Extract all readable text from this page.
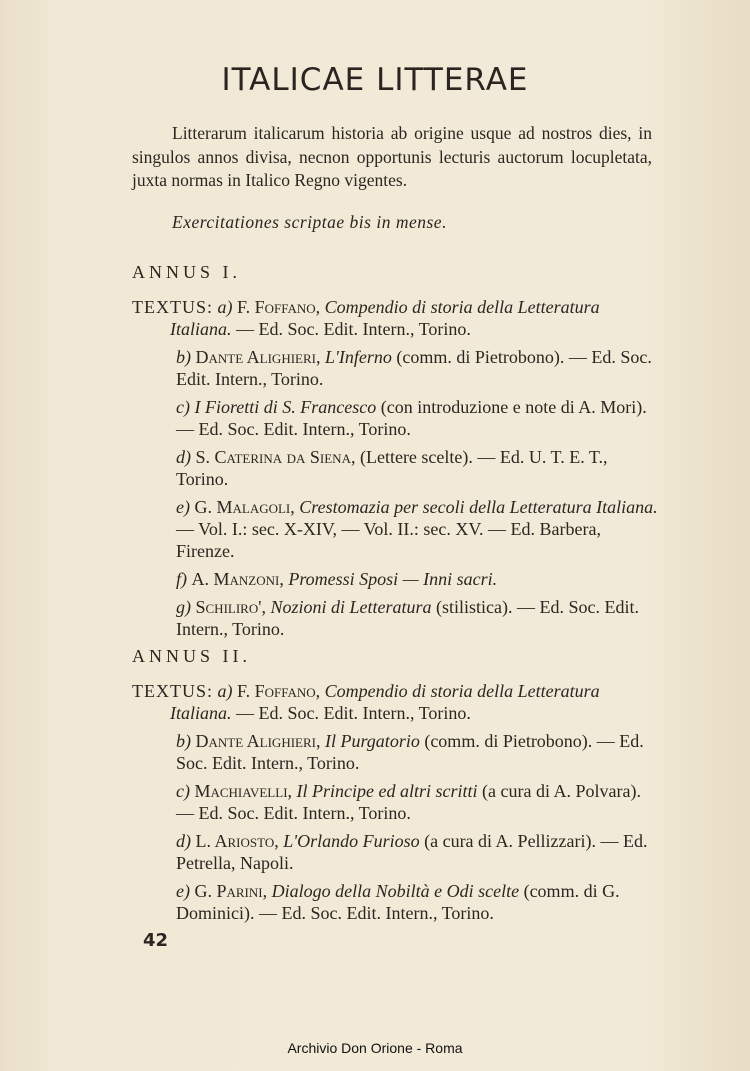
ITALICAE LITTERAE
Litterarum italicarum historia ab origine usque ad nostros dies, in singulos annos divisa, necnon opportunis lecturis auctorum locupletata, juxta normas in Italico Regno vigentes.
Exercitationes scriptae bis in mense.
ANNUS I.
TEXTUS: a) F. Foffano, Compendio di storia della Letteratura Italiana. — Ed. Soc. Edit. Intern., Torino.
b) Dante Alighieri, L'Inferno (comm. di Pietrobono). — Ed. Soc. Edit. Intern., Torino.
c) I Fioretti di S. Francesco (con introduzione e note di A. Mori). — Ed. Soc. Edit. Intern., Torino.
d) S. Caterina da Siena, (Lettere scelte). — Ed. U. T. E. T., Torino.
e) G. Malagoli, Crestomazia per secoli della Letteratura Italiana. — Vol. I.: sec. X-XIV, — Vol. II.: sec. XV. — Ed. Barbera, Firenze.
f) A. Manzoni, Promessi Sposi — Inni sacri.
g) Schiliro', Nozioni di Letteratura (stilistica). — Ed. Soc. Edit. Intern., Torino.
ANNUS II.
TEXTUS: a) F. Foffano, Compendio di storia della Letteratura Italiana. — Ed. Soc. Edit. Intern., Torino.
b) Dante Alighieri, Il Purgatorio (comm. di Pietrobono). — Ed. Soc. Edit. Intern., Torino.
c) Machiavelli, Il Principe ed altri scritti (a cura di A. Polvara). — Ed. Soc. Edit. Intern., Torino.
d) L. Ariosto, L'Orlando Furioso (a cura di A. Pellizzari). — Ed. Petrella, Napoli.
e) G. Parini, Dialogo della Nobiltà e Odi scelte (comm. di G. Dominici). — Ed. Soc. Edit. Intern., Torino.
42
Archivio Don Orione - Roma
